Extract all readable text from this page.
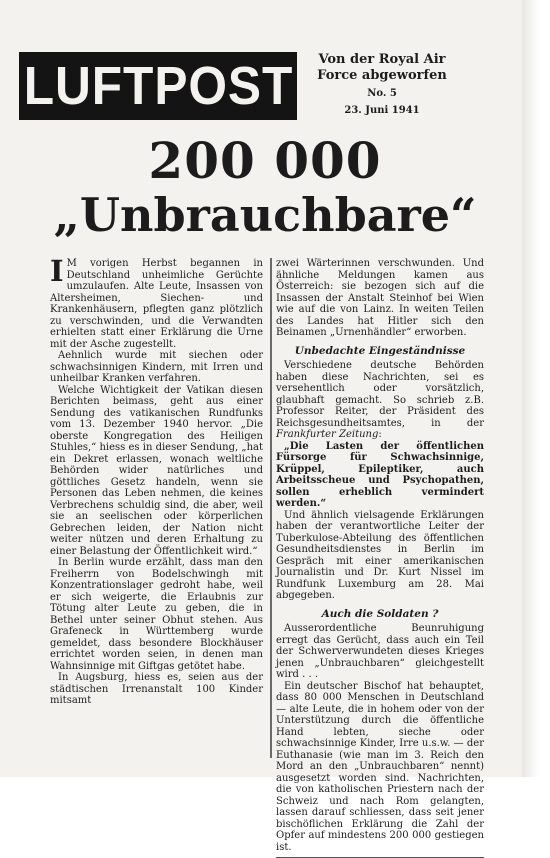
LUFTPOST	Von der Royal Air
Force abgeworfen
No. 5
23. Juni 1941
200 000
„Unbrauchbare“

I M vorigen Herbst begannen in Deutschland unheimliche Gerüchte umzulaufen. Alte Leute, Insassen von Altersheimen, Siechen- und Krankenhäusern, pflegten ganz plötzlich zu verschwinden, und die Verwandten erhielten statt einer Erklärung die Urne mit der Asche zugestellt.

Aehnlich wurde mit siechen oder schwachsinnigen Kindern, mit Irren und unheilbar Kranken verfahren.

Welche Wichtigkeit der Vatikan diesen Berichten beimass, geht aus einer Sendung des vatikanischen Rundfunks vom 13. Dezember 1940 hervor. „Die oberste Kongregation des Heiligen Stuhles,“ hiess es in dieser Sendung, „hat ein Dekret erlassen, wonach weltliche Behörden wider natürliches und göttliches Gesetz handeln, wenn sie Personen das Leben nehmen, die keines Verbrechens schuldig sind, die aber, weil sie an seelischen oder körperlichen Gebrechen leiden, der Nation nicht weiter nützen und deren Erhaltung zu einer Belastung der Öffentlichkeit wird.“

In Berlin wurde erzählt, dass man den Freiherrn von Bodelschwingh mit Konzentrationslager gedroht habe, weil er sich weigerte, die Erlaubnis zur Tötung alter Leute zu geben, die in Bethel unter seiner Obhut stehen. Aus Grafeneck in Württemberg wurde gemeldet, dass besondere Blockhäuser errichtet worden seien, in denen man Wahnsinnige mit Giftgas getötet habe.

In Augsburg, hiess es, seien aus der städtischen Irrenanstalt 100 Kinder mitsamt

zwei Wärterinnen verschwunden. Und ähnliche Meldungen kamen aus Österreich: sie bezogen sich auf die Insassen der Anstalt Steinhof bei Wien wie auf die von Lainz. In weiten Teilen des Landes hat Hitler sich den Beinamen „Urnenhändler“ erworben.

Unbedachte Eingeständnisse

Verschiedene deutsche Behörden haben diese Nachrichten, sei es versehentlich oder vorsätzlich, glaubhaft gemacht. So schrieb z.B. Professor Reiter, der Präsident des Reichsgesundheitsamtes, in der Frankfurter Zeitung:

„Die Lasten der öffentlichen Fürsorge für Schwachsinnige, Krüppel, Epileptiker, auch Arbeitsscheue und Psychopathen, sollen erheblich vermindert werden.“

Und ähnlich vielsagende Erklärungen haben der verantwortliche Leiter der Tuberkulose-Abteilung des öffentlichen Gesundheitsdienstes in Berlin im Gespräch mit einer amerikanischen Journalistin und Dr. Kurt Nissel im Rundfunk Luxemburg am 28. Mai abgegeben.

Auch die Soldaten ?

Ausserordentliche Beunruhigung erregt das Gerücht, dass auch ein Teil der Schwerverwundeten dieses Krieges jenen „Unbrauchbaren“ gleichgestellt wird . . .

Ein deutscher Bischof hat behauptet, dass 80 000 Menschen in Deutschland — alte Leute, die in hohem oder von der Unterstützung durch die öffentliche Hand lebten, sieche oder schwachsinnige Kinder, Irre u.s.w. — der Euthanasie (wie man im 3. Reich den Mord an den „Unbrauchbaren“ nennt) ausgesetzt worden sind. Nachrichten, die von katholischen Priestern nach der Schweiz und nach Rom gelangten, lassen darauf schliessen, dass seit jener bischöflichen Erklärung die Zahl der Opfer auf mindestens 200 000 gestiegen ist.
